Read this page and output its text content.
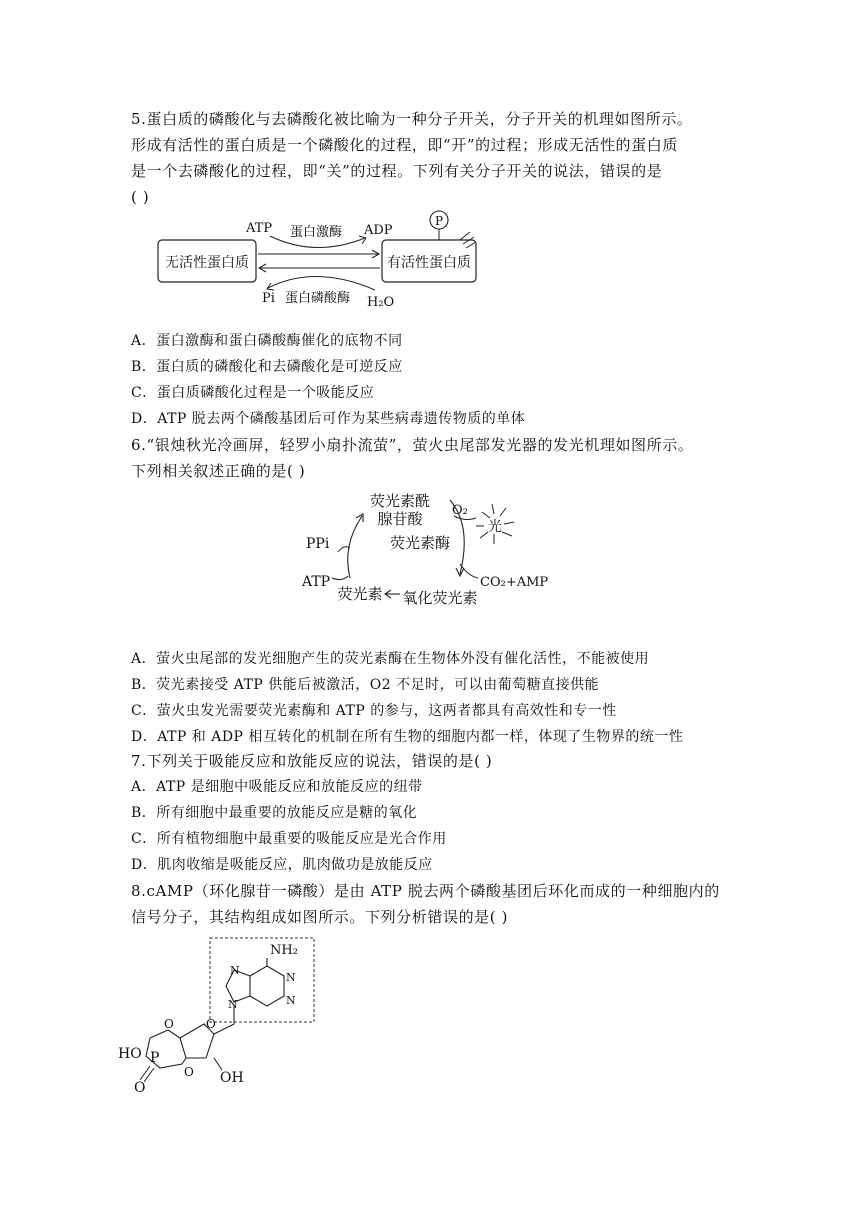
5.蛋白质的磷酸化与去磷酸化被比喻为一种分子开关，分子开关的机理如图所示。
形成有活性的蛋白质是一个磷酸化的过程，即“开”的过程；形成无活性的蛋白质
是一个去磷酸化的过程，即“关”的过程。下列有关分子开关的说法，错误的是
( )
无活性蛋白质	有活性蛋白质
ATP 蛋白激酶 ADP
Pi 蛋白磷酸酶 H₂O
P
A．蛋白激酶和蛋白磷酸酶催化的底物不同
B．蛋白质的磷酸化和去磷酸化是可逆反应
C．蛋白质磷酸化过程是一个吸能反应
D．ATP 脱去两个磷酸基团后可作为某些病毒遗传物质的单体
6.“银烛秋光冷画屏，轻罗小扇扑流萤”，萤火虫尾部发光器的发光机理如图所示。
下列相关叙述正确的是( )
荧光素酰
腺苷酸 O₂
荧光素酶
PPi
ATP
荧光素 氧化荧光素
CO₂+AMP
光
A．萤火虫尾部的发光细胞产生的荧光素酶在生物体外没有催化活性，不能被使用
B．荧光素接受 ATP 供能后被激活，O2 不足时，可以由葡萄糖直接供能
C．萤火虫发光需要荧光素酶和 ATP 的参与，这两者都具有高效性和专一性
D．ATP 和 ADP 相互转化的机制在所有生物的细胞内都一样，体现了生物界的统一性
7.下列关于吸能反应和放能反应的说法，错误的是( )
A．ATP 是细胞中吸能反应和放能反应的纽带
B．所有细胞中最重要的放能反应是糖的氧化
C．所有植物细胞中最重要的吸能反应是光合作用
D．肌肉收缩是吸能反应，肌肉做功是放能反应
8.cAMP（环化腺苷一磷酸）是由 ATP 脱去两个磷酸基团后环化而成的一种细胞内的
信号分子，其结构组成如图所示。下列分析错误的是( )
NH₂
N
N
N
N
O
OH
O
O
HO P
O
